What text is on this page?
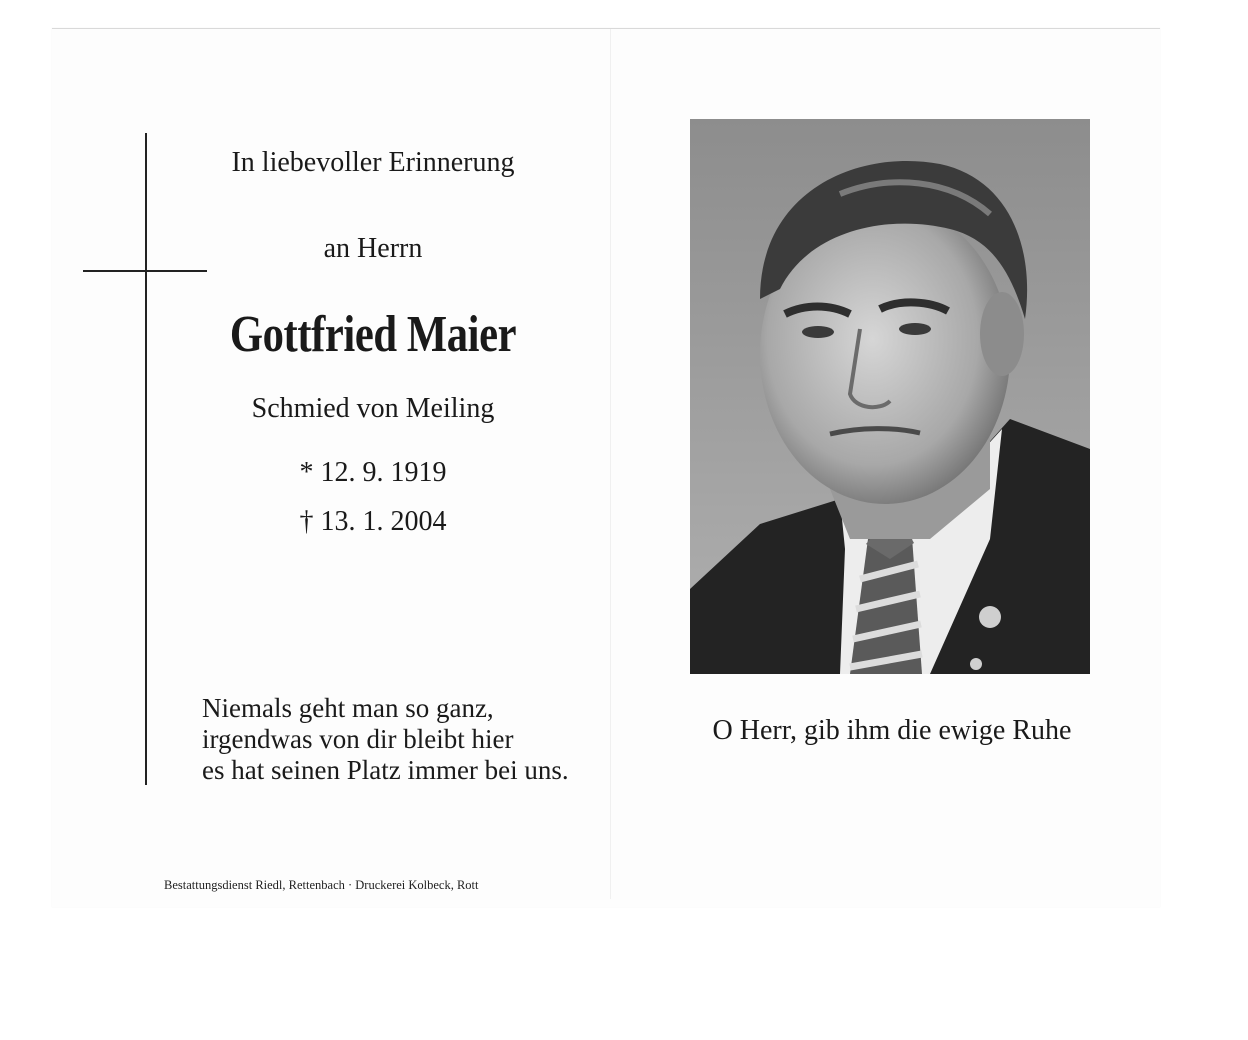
In liebevoller Erinnerung
an Herrn
Gottfried Maier
Schmied von Meiling
* 12. 9. 1919
† 13. 1. 2004
Niemals geht man so ganz,
irgendwas von dir bleibt hier
es hat seinen Platz immer bei uns.
Bestattungsdienst Riedl, Rettenbach · Druckerei Kolbeck, Rott
O Herr, gib ihm die ewige Ruhe
